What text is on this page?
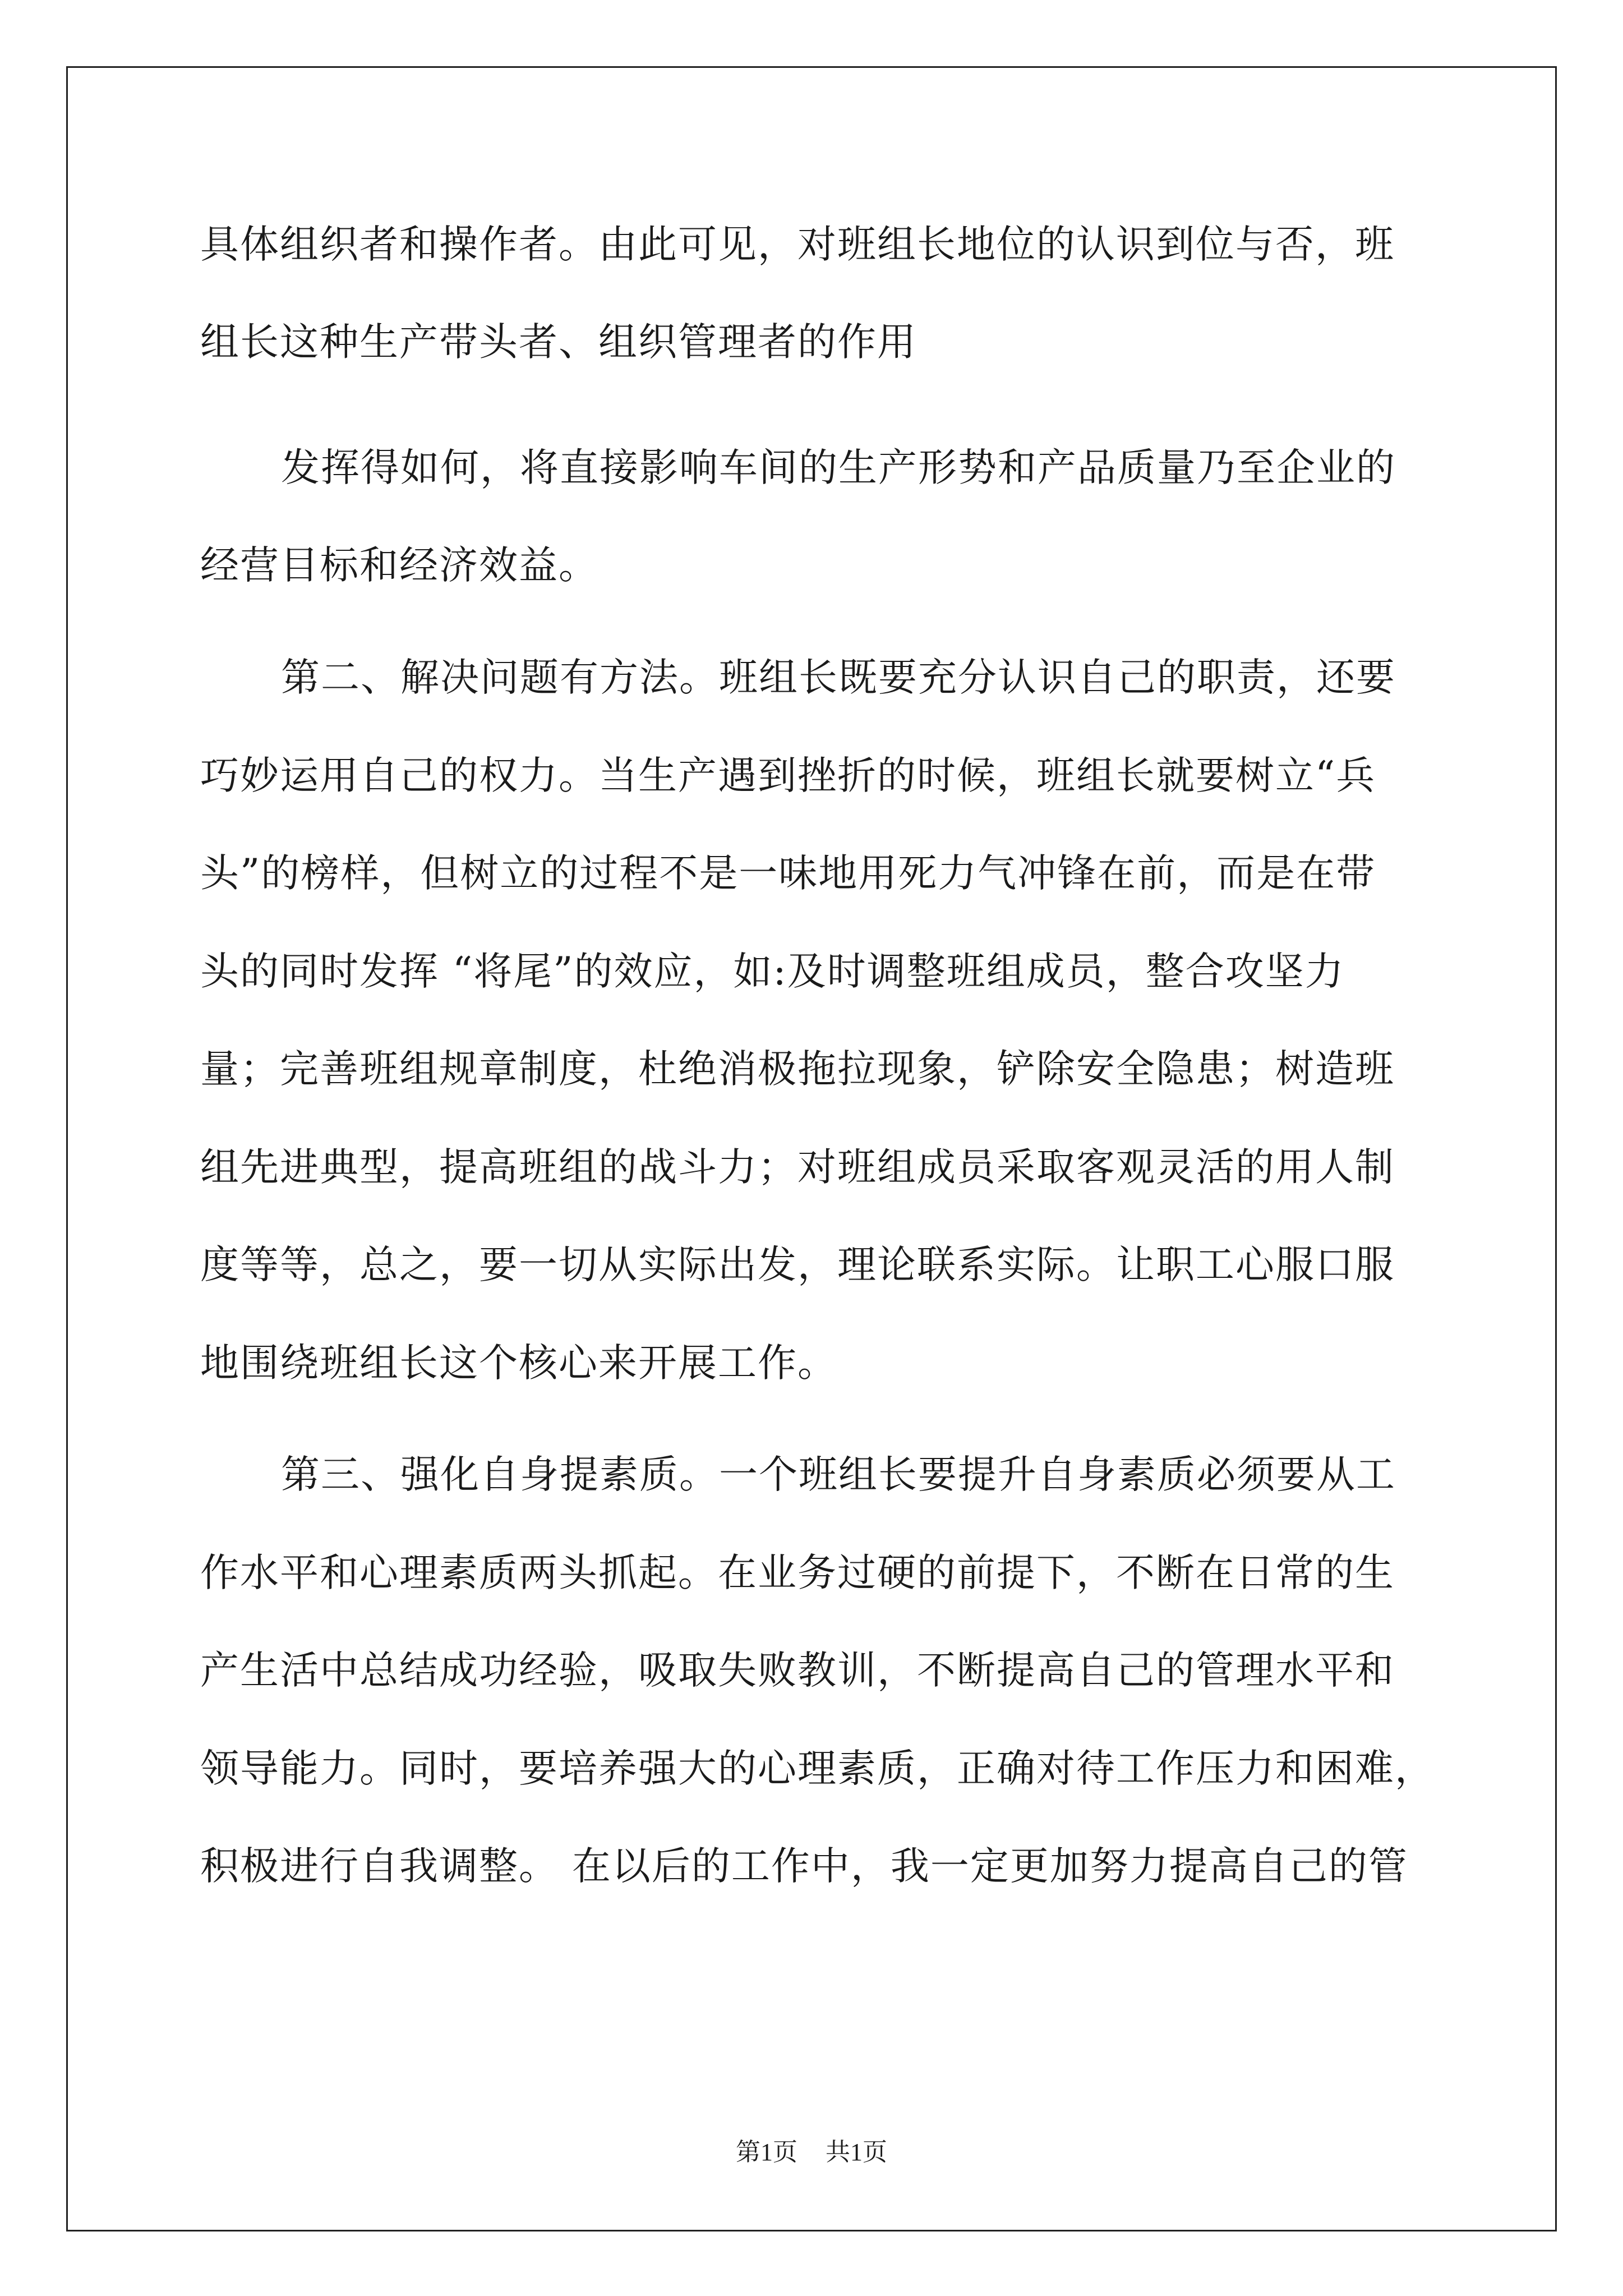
具体组织者和操作者。由此可见，对班组长地位的认识到位与否，班
组长这种生产带头者、组织管理者的作用
发挥得如何，将直接影响车间的生产形势和产品质量乃至企业的
经营目标和经济效益。
第二、解决问题有方法。班组长既要充分认识自己的职责，还要
巧妙运用自己的权力。当生产遇到挫折的时候，班组长就要树立“兵
头”的榜样，但树立的过程不是一味地用死力气冲锋在前，而是在带
头的同时发挥 “将尾”的效应，如:及时调整班组成员，整合攻坚力
量；完善班组规章制度，杜绝消极拖拉现象，铲除安全隐患；树造班
组先进典型，提高班组的战斗力；对班组成员采取客观灵活的用人制
度等等，总之，要一切从实际出发，理论联系实际。让职工心服口服
地围绕班组长这个核心来开展工作。
第三、强化自身提素质。一个班组长要提升自身素质必须要从工
作水平和心理素质两头抓起。在业务过硬的前提下，不断在日常的生
产生活中总结成功经验，吸取失败教训，不断提高自己的管理水平和
领导能力。同时，要培养强大的心理素质，正确对待工作压力和困难，
积极进行自我调整。 在以后的工作中，我一定更加努力提高自己的管
第1页 共1页
